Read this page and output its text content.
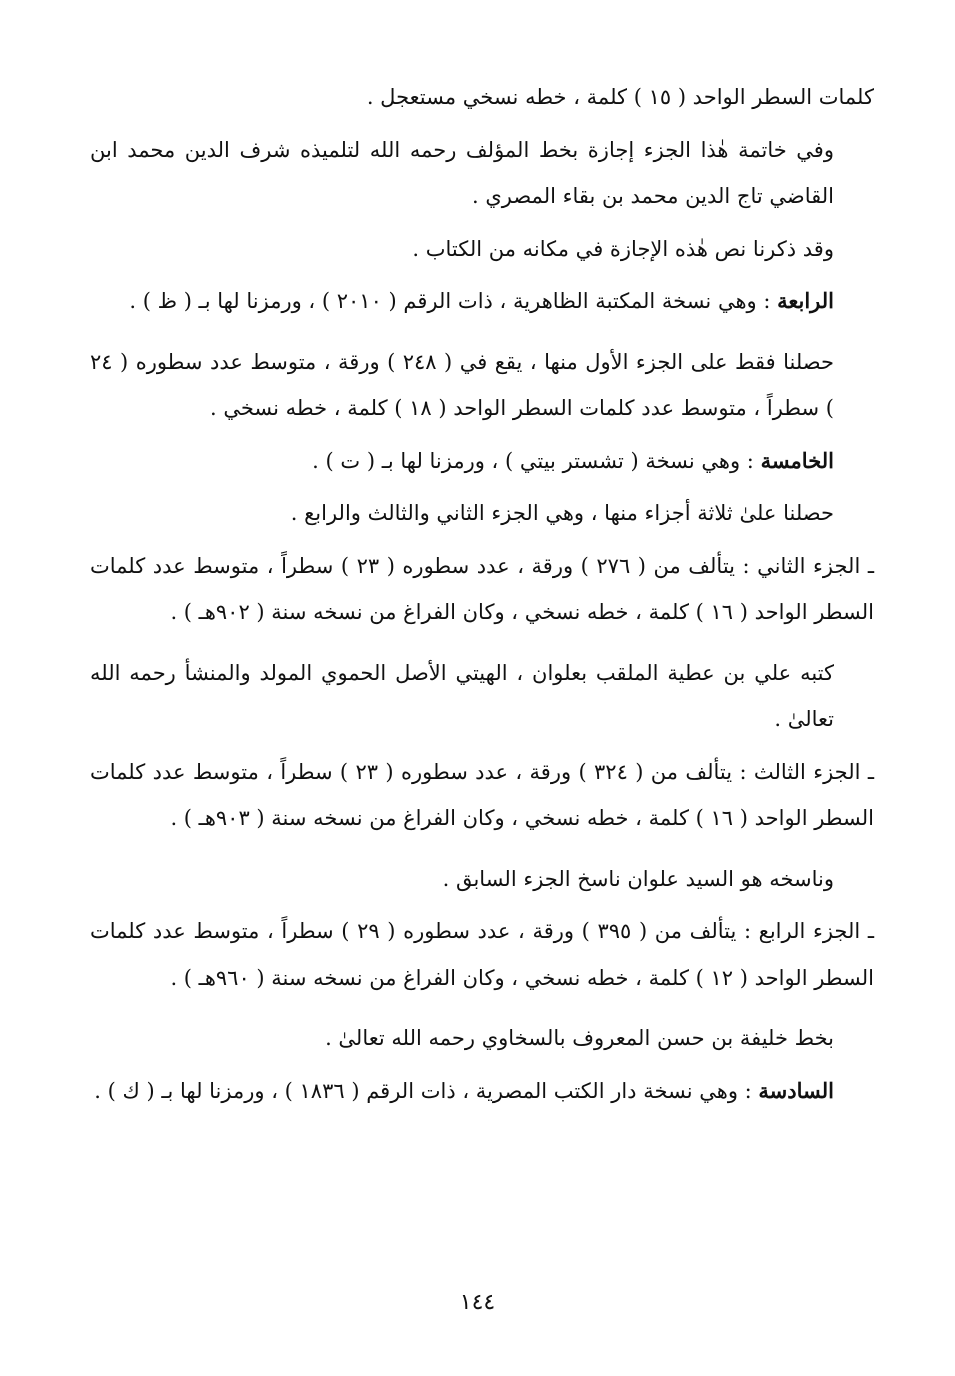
كلمات السطر الواحد ( ١٥ ) كلمة ، خطه نسخي مستعجل .

وفي خاتمة هٰذا الجزء إجازة بخط المؤلف رحمه الله لتلميذه شرف الدين محمد ابن القاضي تاج الدين محمد بن بقاء المصري .

وقد ذكرنا نص هٰذه الإجازة في مكانه من الكتاب .

الرابعة : وهي نسخة المكتبة الظاهرية ، ذات الرقم ( ٢٠١٠ ) ، ورمزنا لها بـ ( ظ ) .

حصلنا فقط على الجزء الأول منها ، يقع في ( ٢٤٨ ) ورقة ، متوسط عدد سطوره ( ٢٤ ) سطراً ، متوسط عدد كلمات السطر الواحد ( ١٨ ) كلمة ، خطه نسخي .

الخامسة : وهي نسخة ( تشستر بيتي ) ، ورمزنا لها بـ ( ت ) .

حصلنا علىٰ ثلاثة أجزاء منها ، وهي الجزء الثاني والثالث والرابع .

ـ الجزء الثاني : يتألف من ( ٢٧٦ ) ورقة ، عدد سطوره ( ٢٣ ) سطراً ، متوسط عدد كلمات السطر الواحد ( ١٦ ) كلمة ، خطه نسخي ، وكان الفراغ من نسخه سنة ( ٩٠٢هـ ) .

كتبه علي بن عطية الملقب بعلوان ، الهيتي الأصل الحموي المولد والمنشأ رحمه الله تعالىٰ .

ـ الجزء الثالث : يتألف من ( ٣٢٤ ) ورقة ، عدد سطوره ( ٢٣ ) سطراً ، متوسط عدد كلمات السطر الواحد ( ١٦ ) كلمة ، خطه نسخي ، وكان الفراغ من نسخه سنة ( ٩٠٣هـ ) .

وناسخه هو السيد علوان ناسخ الجزء السابق .

ـ الجزء الرابع : يتألف من ( ٣٩٥ ) ورقة ، عدد سطوره ( ٢٩ ) سطراً ، متوسط عدد كلمات السطر الواحد ( ١٢ ) كلمة ، خطه نسخي ، وكان الفراغ من نسخه سنة ( ٩٦٠هـ ) .

بخط خليفة بن حسن المعروف بالسخاوي رحمه الله تعالىٰ .

السادسة : وهي نسخة دار الكتب المصرية ، ذات الرقم ( ١٨٣٦ ) ، ورمزنا لها بـ ( ك ) .

١٤٤
